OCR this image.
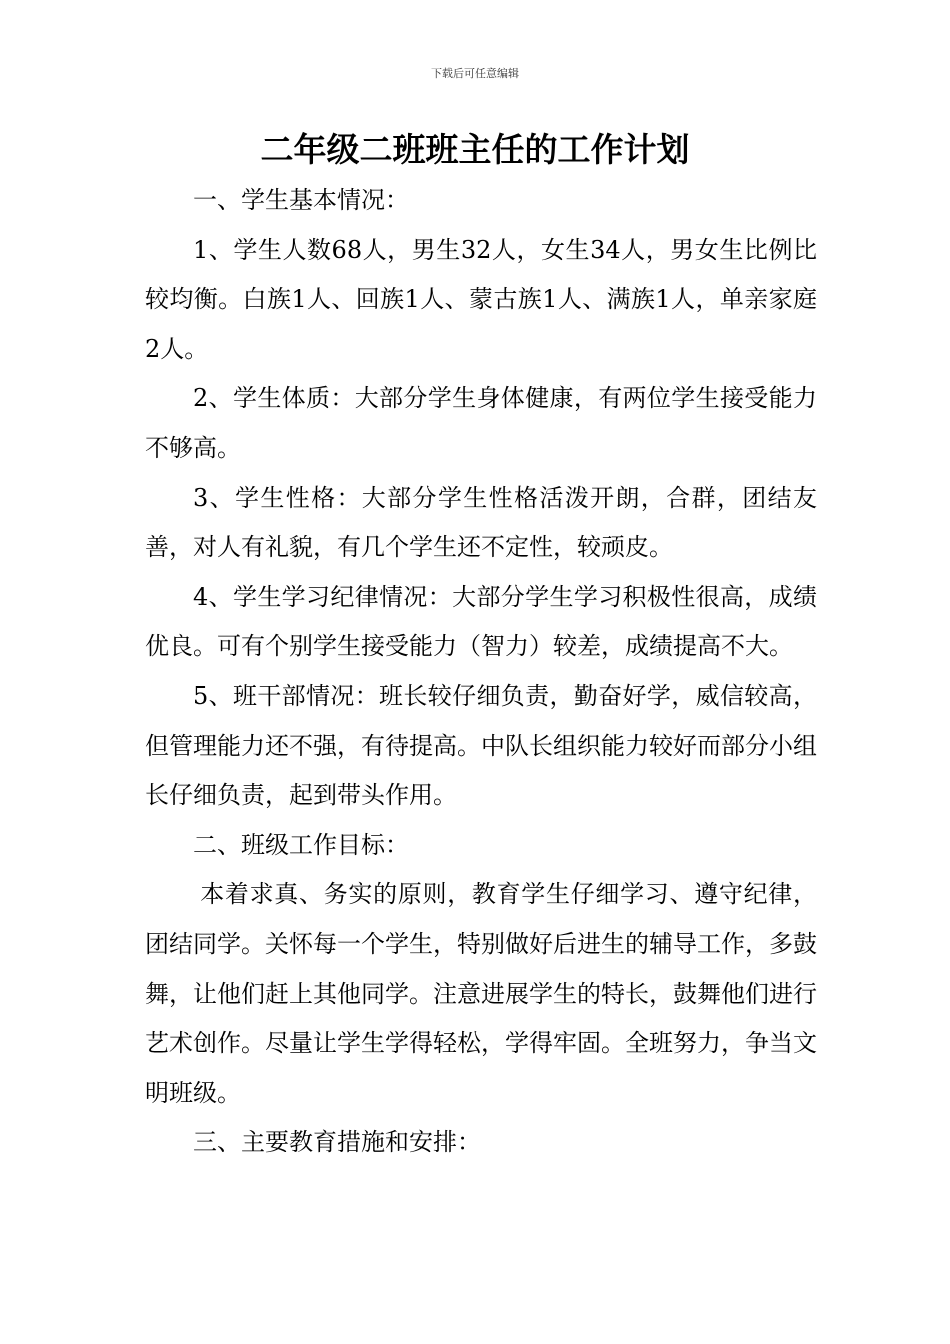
下载后可任意编辑
二年级二班班主任的工作计划

一、学生基本情况：

1、学生人数68人，男生32人，女生34人，男女生比例比较均衡。白族1人、回族1人、蒙古族1人、满族1人，单亲家庭2人。

2、学生体质：大部分学生身体健康，有两位学生接受能力不够高。

3、学生性格：大部分学生性格活泼开朗，合群，团结友善，对人有礼貌，有几个学生还不定性，较顽皮。

4、学生学习纪律情况：大部分学生学习积极性很高，成绩优良。可有个别学生接受能力（智力）较差，成绩提高不大。

5、班干部情况：班长较仔细负责，勤奋好学，威信较高，但管理能力还不强，有待提高。中队长组织能力较好而部分小组长仔细负责，起到带头作用。

二、班级工作目标：

本着求真、务实的原则，教育学生仔细学习、遵守纪律，团结同学。关怀每一个学生，特别做好后进生的辅导工作，多鼓舞，让他们赶上其他同学。注意进展学生的特长，鼓舞他们进行艺术创作。尽量让学生学得轻松，学得牢固。全班努力，争当文明班级。

三、主要教育措施和安排：
